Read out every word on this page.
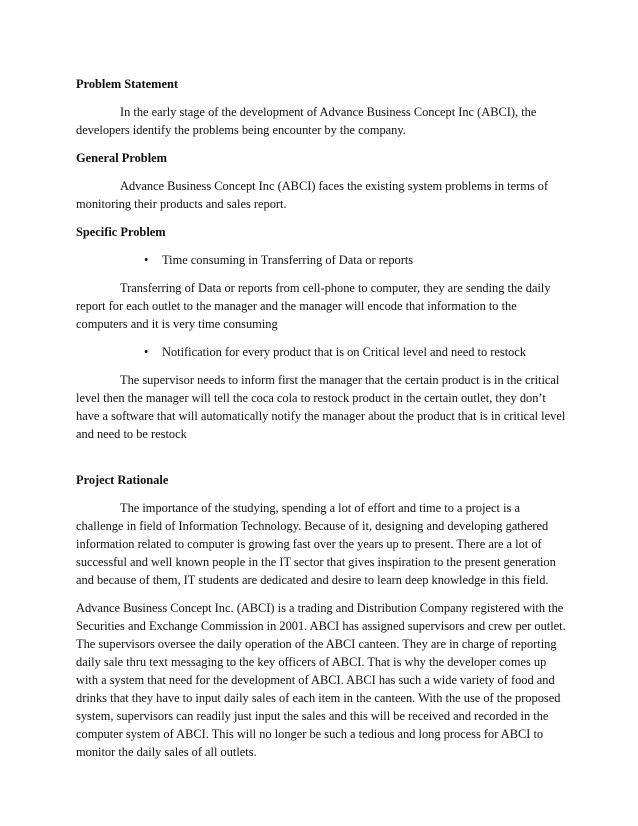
Problem Statement

In the early stage of the development of Advance Business Concept Inc (ABCI), the developers identify the problems being encounter by the company.

General Problem

Advance Business Concept Inc (ABCI) faces the existing system problems in terms of monitoring their products and sales report.

Specific Problem
• Time consuming in Transferring of Data or reports

Transferring of Data or reports from cell-phone to computer, they are sending the daily report for each outlet to the manager and the manager will encode that information to the computers and it is very time consuming

• Notification for every product that is on Critical level and need to restock

The supervisor needs to inform first the manager that the certain product is in the critical level then the manager will tell the coca cola to restock product in the certain outlet, they don’t have a software that will automatically notify the manager about the product that is in critical level and need to be restock

Project Rationale

The importance of the studying, spending a lot of effort and time to a project is a challenge in field of Information Technology. Because of it, designing and developing gathered information related to computer is growing fast over the years up to present. There are a lot of successful and well known people in the IT sector that gives inspiration to the present generation and because of them, IT students are dedicated and desire to learn deep knowledge in this field.

Advance Business Concept Inc. (ABCI) is a trading and Distribution Company registered with the Securities and Exchange Commission in 2001. ABCI has assigned supervisors and crew per outlet. The supervisors oversee the daily operation of the ABCI canteen. They are in charge of reporting daily sale thru text messaging to the key officers of ABCI. That is why the developer comes up with a system that need for the development of ABCI. ABCI has such a wide variety of food and drinks that they have to input daily sales of each item in the canteen. With the use of the proposed system, supervisors can readily just input the sales and this will be received and recorded in the computer system of ABCI. This will no longer be such a tedious and long process for ABCI to monitor the daily sales of all outlets.
